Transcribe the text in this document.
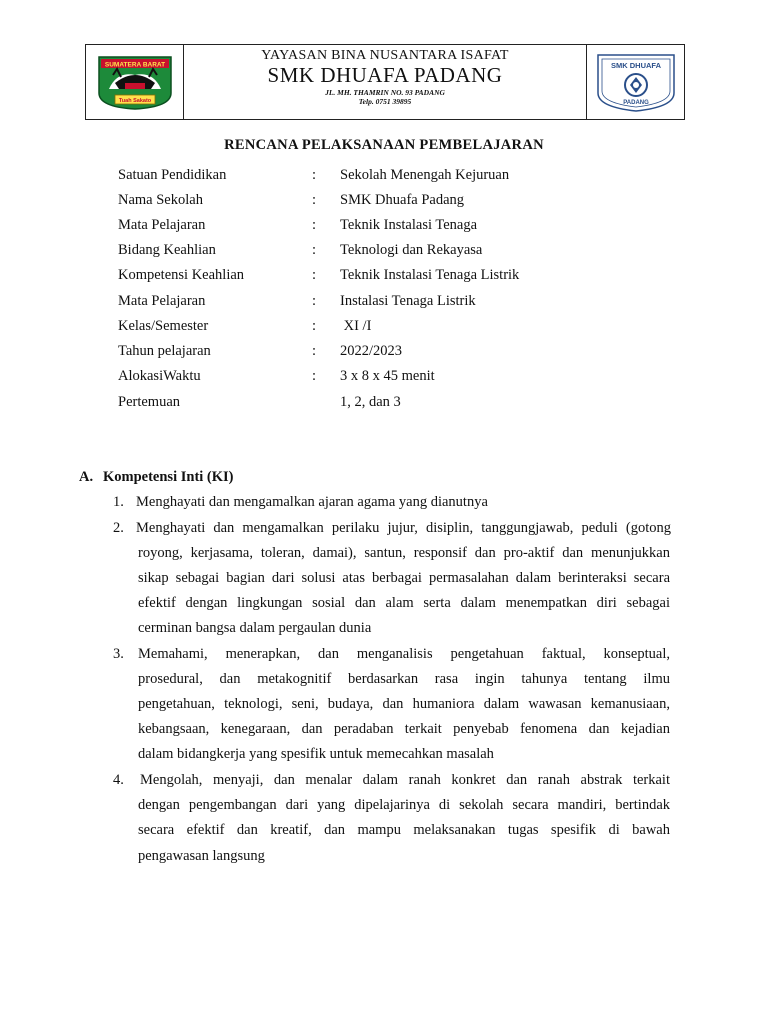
SUMATERA BARAT
Tuah Sakato
YAYASAN BINA NUSANTARA ISAFAT
SMK DHUAFA PADANG
JL. MH. THAMRIN NO. 93 PADANG
Telp. 0751 39895
SMK DHUAFA
PADANG
RENCANA PELAKSANAAN PEMBELAJARAN
Satuan Pendidikan	: Sekolah Menengah Kejuruan
Nama Sekolah	: SMK Dhuafa Padang
Mata Pelajaran	: Teknik Instalasi Tenaga
Bidang Keahlian	: Teknologi dan Rekayasa
Kompetensi Keahlian	: Teknik Instalasi Tenaga Listrik
Mata Pelajaran	: Instalasi Tenaga Listrik
Kelas/Semester	: XI /I
Tahun pelajaran	: 2022/2023
AlokasiWaktu	: 3 x 8 x 45 menit
Pertemuan	1, 2, dan 3
A. Kompetensi Inti (KI)
1. Menghayati dan mengamalkan ajaran agama yang dianutnya
2. Menghayati dan mengamalkan perilaku jujur, disiplin, tanggungjawab, peduli (gotong
royong, kerjasama, toleran, damai), santun, responsif dan pro-aktif dan menunjukkan
sikap sebagai bagian dari solusi atas berbagai permasalahan dalam berinteraksi secara
efektif dengan lingkungan sosial dan alam serta dalam menempatkan diri sebagai
cerminan bangsa dalam pergaulan dunia
3. Memahami, menerapkan, dan menganalisis pengetahuan faktual, konseptual,
prosedural, dan metakognitif berdasarkan rasa ingin tahunya tentang ilmu
pengetahuan, teknologi, seni, budaya, dan humaniora dalam wawasan kemanusiaan,
kebangsaan, kenegaraan, dan peradaban terkait penyebab fenomena dan kejadian
dalam bidangkerja yang spesifik untuk memecahkan masalah
4. Mengolah, menyaji, dan menalar dalam ranah konkret dan ranah abstrak terkait
dengan pengembangan dari yang dipelajarinya di sekolah secara mandiri, bertindak
secara efektif dan kreatif, dan mampu melaksanakan tugas spesifik di bawah
pengawasan langsung
